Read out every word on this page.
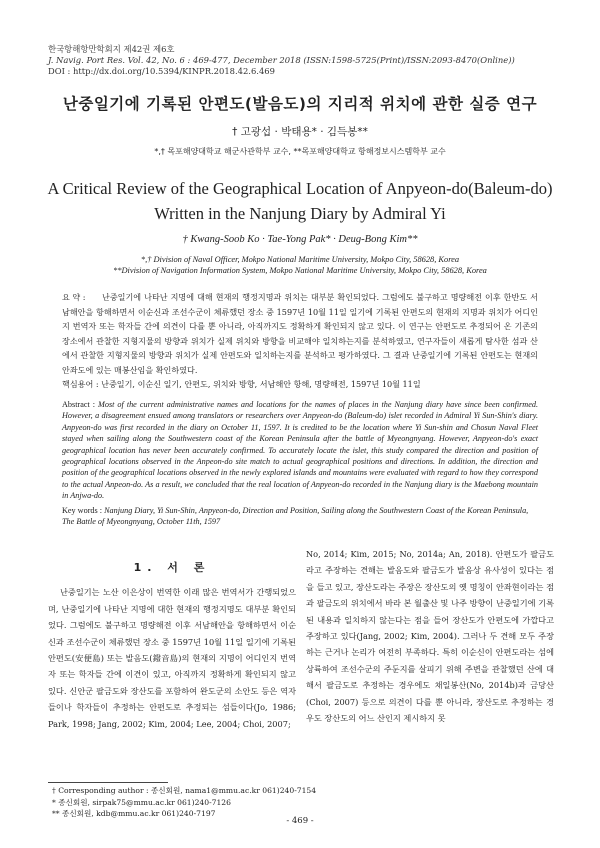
한국항해항만학회지 제42권 제6호
J. Navig. Port Res. Vol. 42, No. 6 : 469-477, December 2018 (ISSN:1598-5725(Print)/ISSN:2093-8470(Online))
DOI : http://dx.doi.org/10.5394/KINPR.2018.42.6.469
난중일기에 기록된 안편도(발음도)의 지리적 위치에 관한 실증 연구
† 고광섭 · 박태용* · 김득봉**
*,† 목포해양대학교 해군사관학부 교수, **목포해양대학교 항해정보시스템학부 교수
A Critical Review of the Geographical Location of Anpyeon-do(Baleum-do) Written in the Nanjung Diary by Admiral Yi
† Kwang-Soob Ko · Tae-Yong Pak* · Deug-Bong Kim**
*,† Division of Naval Officer, Mokpo National Maritime University, Mokpo City, 58628, Korea
**Division of Navigation Information System, Mokpo National Maritime University, Mokpo City, 58628, Korea
요 약 : 난중일기에 나타난 지명에 대해 현재의 행정지명과 위치는 대부분 확인되었다. 그럼에도 불구하고 명량해전 이후 한반도 서남해안을 항해하면서 이순신과 조선수군이 체류했던 장소 중 1597년 10월 11일 일기에 기록된 안편도의 현재의 지명과 위치가 어디인지 번역자 또는 학자들 간에 의견이 다를 뿐 아니라, 아직까지도 정확하게 확인되지 않고 있다. 이 연구는 안편도로 추정되어 온 기존의 장소에서 관찰한 지형지물의 방향과 위치가 실제 위치와 방향을 비교해야 일치하는지를 분석하였고, 연구자들이 새롭게 탐사한 섬과 산에서 관찰한 지형지물의 방향과 위치가 실제 안편도와 일치하는지를 분석하고 평가하였다. 그 결과 난중일기에 기록된 안편도는 현재의 안좌도에 있는 매봉산임을 확인하였다.
핵심용어 : 난중일기, 이순신 일기, 안편도, 위치와 방향, 서남해안 항해, 명량해전, 1597년 10월 11일
Abstract : Most of the current administrative names and locations for the names of places in the Nanjung diary have since been confirmed. However, a disagreement ensued among translators or researchers over Anpyeon-do (Baleum-do) islet recorded in Admiral Yi Sun-Shin's diary. Anpyeon-do was first recorded in the diary on October 11, 1597. It is credited to be the location where Yi Sun-shin and Chosun Naval Fleet stayed when sailing along the Southwestern coast of the Korean Peninsula after the battle of Myeongnyang. However, Anpyeon-do's exact geographical location has never been accurately confirmed. To accurately locate the islet, this study compared the direction and position of geographical locations observed in the Anpeon-do site match to actual geographical positions and directions. In addition, the direction and position of the geographical locations observed in the newly explored islands and mountains were evaluated with regard to how they correspond to the actual Anpeon-do. As a result, we concluded that the real location of Anpyeon-do recorded in the Nanjung diary is the Maebong mountain in Anjwa-do.
Key words : Nanjung Diary, Yi Sun-Shin, Anpyeon-do, Direction and Position, Sailing along the Southwestern Coast of the Korean Peninsula, The Battle of Myeongnyang, October 11th, 1597
1. 서 론

난중일기는 노산 이은상이 번역한 이래 많은 번역서가 간행되었으며, 난중일기에 나타난 지명에 대한 현재의 행정지명도 대부분 확인되었다. 그럼에도 불구하고 명량해전 이후 서남해안을 항해하면서 이순신과 조선수군이 체류했던 장소 중 1597년 10월 11일 일기에 기록된 안편도(安便島) 또는 발음도(鏺音島)의 현재의 지명이 어디인지 번역자 또는 학자들 간에 이견이 있고, 아직까지 정확하게 확인되지 않고 있다. 신안군 팔금도와 장산도를 포함하여 완도군의 소안도 등은 역자들이나 학자들이 추정하는 안편도로 추정되는 섬들이다(Jo, 1986; Park, 1998; Jang, 2002; Kim, 2004; Lee, 2004; Choi, 2007;

No, 2014; Kim, 2015; No, 2014a; An, 2018). 안편도가 팔금도라고 주장하는 견해는 발음도와 팔금도가 발음상 유사성이 있다는 점을 들고 있고, 장산도라는 주장은 장산도의 옛 명칭이 안좌현이라는 점과 팔금도의 위치에서 바라 본 월출산 및 나주 방향이 난중일기에 기록된 내용과 일치하지 않는다는 점을 들어 장산도가 안편도에 가깝다고 주장하고 있다(Jang, 2002; Kim, 2004). 그러나 두 견해 모두 주장하는 근거나 논리가 여전히 부족하다. 특히 이순신이 안편도라는 섬에 상륙하여 조선수군의 주둔지를 살피기 위해 주변을 관찰했던 산에 대해서 팔금도로 추정하는 경우에도 채일봉산(No, 2014b)과 금당산(Choi, 2007) 등으로 의견이 다를 뿐 아니라, 장산도로 추정하는 경우도 장산도의 어느 산인지 제시하지 못

† Corresponding author : 종신회원, nama1@mmu.ac.kr 061)240-7154
* 종신회원, sirpak75@mmu.ac.kr 061)240-7126
** 종신회원, kdb@mmu.ac.kr 061)240-7197
- 469 -
